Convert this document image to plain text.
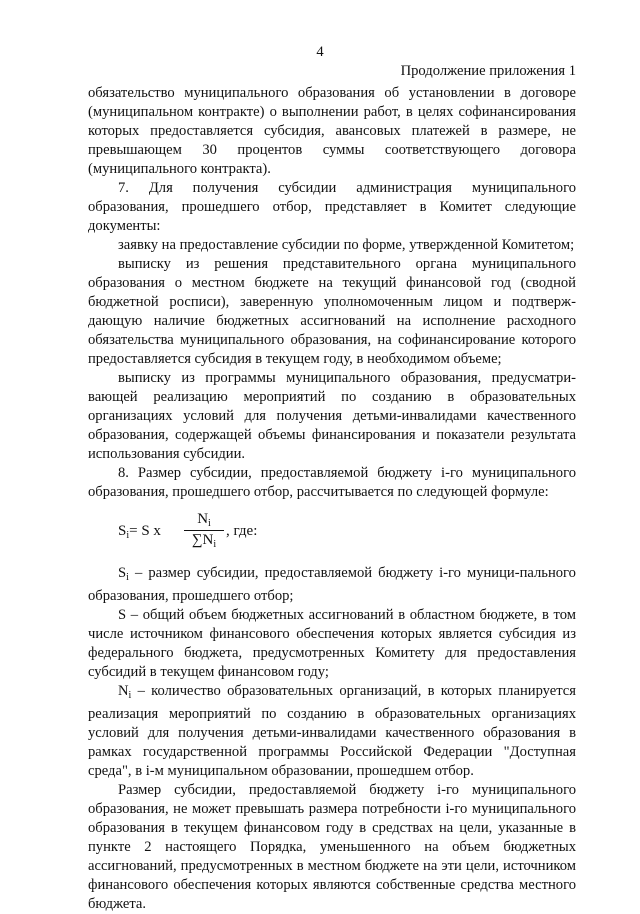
4
Продолжение приложения 1

обязательство муниципального образования об установлении в договоре (муниципальном контракте) о выполнении работ, в целях софинансирования которых предоставляется субсидия, авансовых платежей в размере, не превышающем 30 процентов суммы соответствующего договора (муниципального контракта).

7. Для получения субсидии администрация муниципального образования, прошедшего отбор, представляет в Комитет следующие документы:

заявку на предоставление субсидии по форме, утвержденной Комитетом;

выписку из решения представительного органа муниципального образования о местном бюджете на текущий финансовой год (сводной бюджетной росписи), заверенную уполномоченным лицом и подтверж-дающую наличие бюджетных ассигнований на исполнение расходного обязательства муниципального образования, на софинансирование которого предоставляется субсидия в текущем году, в необходимом объеме;

выписку из программы муниципального образования, предусматри-вающей реализацию мероприятий по созданию в образовательных организациях условий для получения детьми-инвалидами качественного образования, содержащей объемы финансирования и показатели результата использования субсидии.

8. Размер субсидии, предоставляемой бюджету i-го муниципального образования, прошедшего отбор, рассчитывается по следующей формуле:

$S_i= S$ x $\frac{N_i}{\sum N_i}$ , где:

$S_i$ – размер субсидии, предоставляемой бюджету i-го муници-пального образования, прошедшего отбор;

S – общий объем бюджетных ассигнований в областном бюджете, в том числе источником финансового обеспечения которых является субсидия из федерального бюджета, предусмотренных Комитету для предоставления субсидий в текущем финансовом году;

$N_i$ – количество образовательных организаций, в которых планируется реализация мероприятий по созданию в образовательных организациях условий для получения детьми-инвалидами качественного образования в рамках государственной программы Российской Федерации "Доступная среда", в i-м муниципальном образовании, прошедшем отбор.

Размер субсидии, предоставляемой бюджету i-го муниципального образования, не может превышать размера потребности i-го муниципального образования в текущем финансовом году в средствах на цели, указанные в пункте 2 настоящего Порядка, уменьшенного на объем бюджетных ассигнований, предусмотренных в местном бюджете на эти цели, источником финансового обеспечения которых являются собственные средства местного бюджета.
